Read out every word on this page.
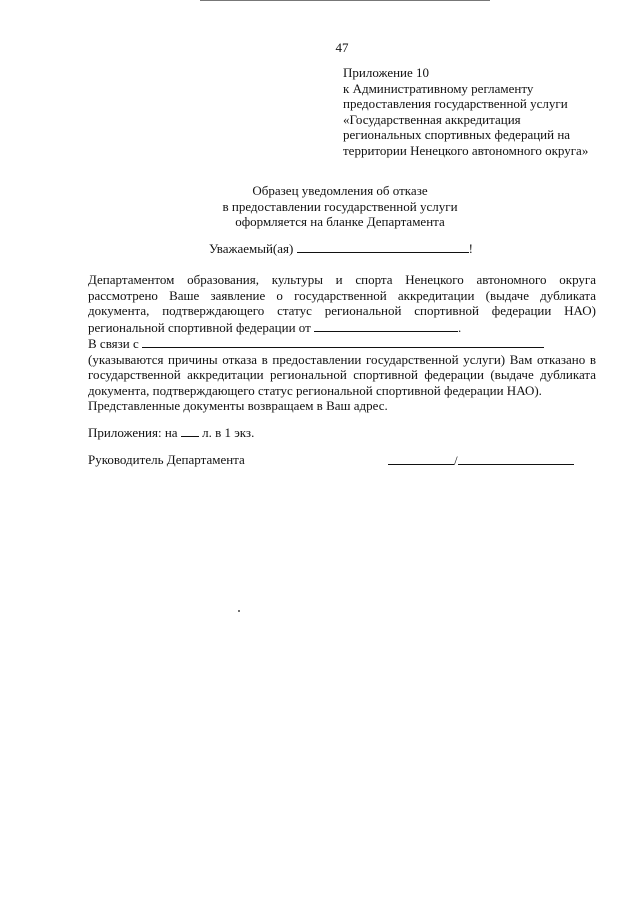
47
Приложение 10
к Административному регламенту
предоставления государственной услуги
«Государственная аккредитация
региональных спортивных федераций на
территории Ненецкого автономного округа»
Образец уведомления об отказе
в предоставлении государственной услуги
оформляется на бланке Департамента
Уважаемый(ая)	!
Департаментом образования, культуры и спорта Ненецкого автономного округа
рассмотрено Ваше заявление о государственной аккредитации (выдаче дубликата
документа, подтверждающего статус региональной спортивной федерации НАО)
региональной спортивной федерации от	.
В связи с
(указываются причины отказа в предоставлении государственной услуги) Вам отказано в
государственной аккредитации региональной спортивной федерации (выдаче дубликата
документа, подтверждающего статус региональной спортивной федерации НАО).
Представленные документы возвращаем в Ваш адрес.
Приложения: на л. в 1 экз.
Руководитель Департамента	/
